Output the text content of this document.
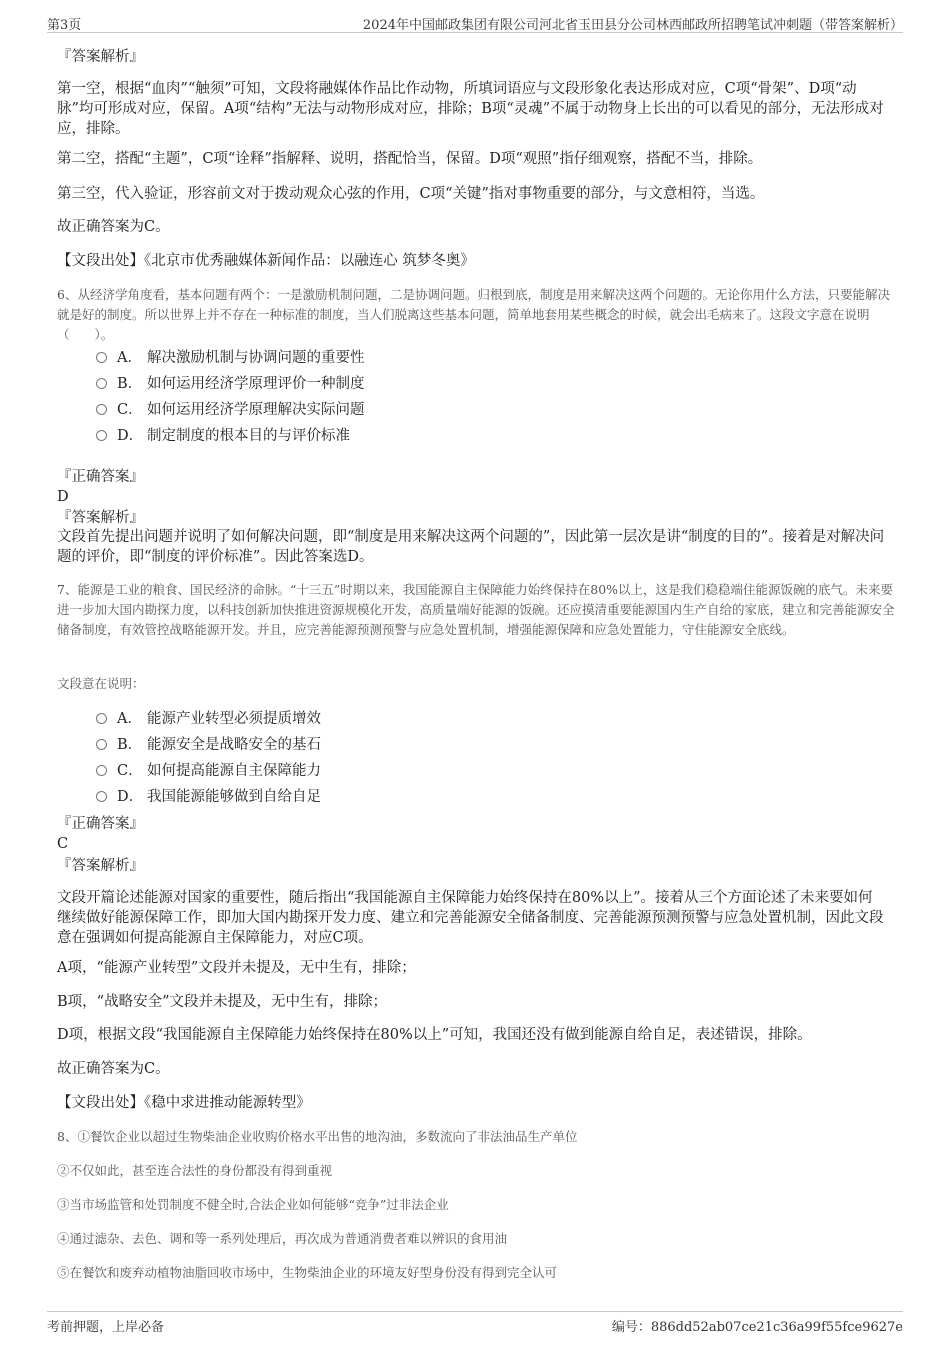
第3页	2024年中国邮政集团有限公司河北省玉田县分公司林西邮政所招聘笔试冲刺题（带答案解析）

『答案解析』

第一空，根据“血肉”“触须”可知，文段将融媒体作品比作动物，所填词语应与文段形象化表达形成对应，C项“骨架”、D项“动脉”均可形成对应，保留。A项“结构”无法与动物形成对应，排除；B项“灵魂”不属于动物身上长出的可以看见的部分，无法形成对应，排除。

第二空，搭配“主题”，C项“诠释”指解释、说明，搭配恰当，保留。D项“观照”指仔细观察，搭配不当，排除。

第三空，代入验证，形容前文对于拨动观众心弦的作用，C项“关键”指对事物重要的部分，与文意相符，当选。

故正确答案为C。

【文段出处】《北京市优秀融媒体新闻作品：以融连心 筑梦冬奥》

6、从经济学角度看，基本问题有两个：一是激励机制问题，二是协调问题。归根到底，制度是用来解决这两个问题的。无论你用什么方法，只要能解决就是好的制度。所以世界上并不存在一种标准的制度，当人们脱离这些基本问题，简单地套用某些概念的时候，就会出毛病来了。这段文字意在说明（　　）。

A． 解决激励机制与协调问题的重要性
B． 如何运用经济学原理评价一种制度
C． 如何运用经济学原理解决实际问题
D． 制定制度的根本目的与评价标准

『正确答案』

D

『答案解析』

文段首先提出问题并说明了如何解决问题，即“制度是用来解决这两个问题的”，因此第一层次是讲“制度的目的”。接着是对解决问题的评价，即“制度的评价标准”。因此答案选D。

7、能源是工业的粮食、国民经济的命脉。“十三五”时期以来，我国能源自主保障能力始终保持在80%以上，这是我们稳稳端住能源饭碗的底气。未来要进一步加大国内勘探力度，以科技创新加快推进资源规模化开发，高质量端好能源的饭碗。还应摸清重要能源国内生产自给的家底，建立和完善能源安全储备制度，有效管控战略能源开发。并且，应完善能源预测预警与应急处置机制，增强能源保障和应急处置能力，守住能源安全底线。

文段意在说明：

A． 能源产业转型必须提质增效
B． 能源安全是战略安全的基石
C． 如何提高能源自主保障能力
D． 我国能源能够做到自给自足

『正确答案』

C

『答案解析』

文段开篇论述能源对国家的重要性，随后指出“我国能源自主保障能力始终保持在80%以上”。接着从三个方面论述了未来要如何继续做好能源保障工作，即加大国内勘探开发力度、建立和完善能源安全储备制度、完善能源预测预警与应急处置机制，因此文段意在强调如何提高能源自主保障能力，对应C项。

A项，“能源产业转型”文段并未提及，无中生有，排除；

B项，“战略安全”文段并未提及，无中生有，排除；

D项，根据文段“我国能源自主保障能力始终保持在80%以上”可知，我国还没有做到能源自给自足，表述错误，排除。

故正确答案为C。

【文段出处】《稳中求进推动能源转型》

8、①餐饮企业以超过生物柴油企业收购价格水平出售的地沟油，多数流向了非法油品生产单位

②不仅如此，甚至连合法性的身份都没有得到重视

③当市场监管和处罚制度不健全时,合法企业如何能够“竞争”过非法企业

④通过滤杂、去色、调和等一系列处理后，再次成为普通消费者难以辨识的食用油

⑤在餐饮和废弃动植物油脂回收市场中，生物柴油企业的环境友好型身份没有得到完全认可

考前押题，上岸必备	编号：886dd52ab07ce21c36a99f55fce9627e
